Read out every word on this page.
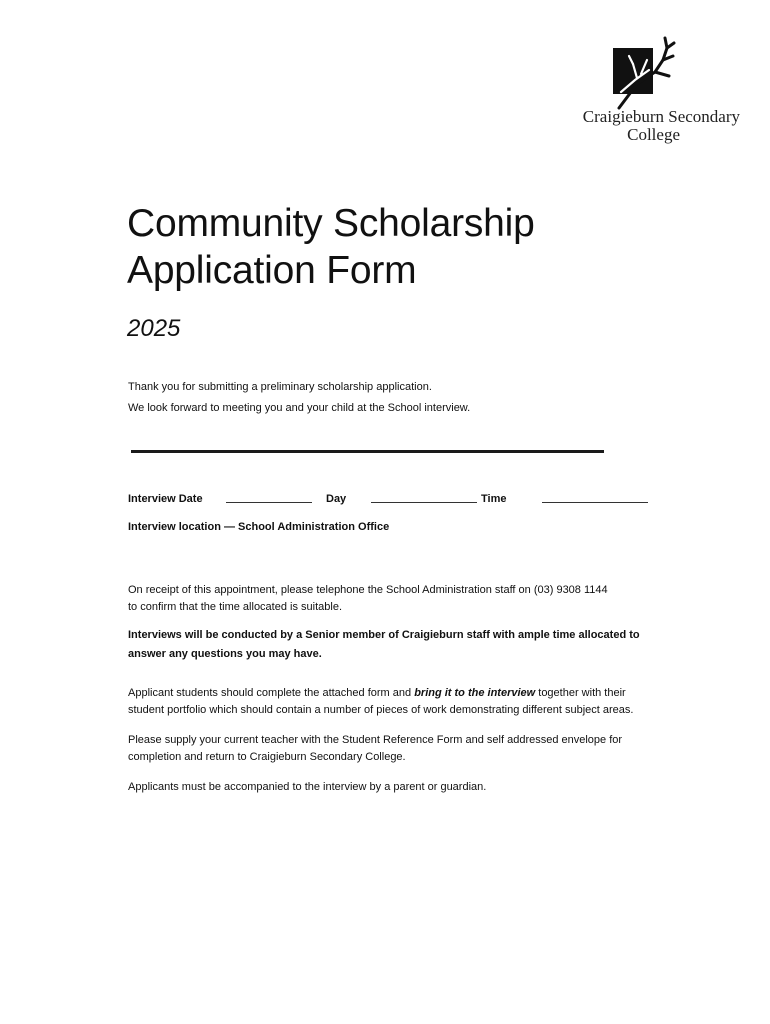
Craigieburn Secondary
College
Community Scholarship
Application Form
2025

Thank you for submitting a preliminary scholarship application.

We look forward to meeting you and your child at the School interview.

Interview Date	Day	Time
Interview location — School Administration Office

On receipt of this appointment, please telephone the School Administration staff on (03) 9308 1144
to confirm that the time allocated is suitable.

Interviews will be conducted by a Senior member of Craigieburn staff with ample time allocated to
answer any questions you may have.

Applicant students should complete the attached form and bring it to the interview together with their
student portfolio which should contain a number of pieces of work demonstrating different subject areas.

Please supply your current teacher with the Student Reference Form and self addressed envelope for
completion and return to Craigieburn Secondary College.

Applicants must be accompanied to the interview by a parent or guardian.
